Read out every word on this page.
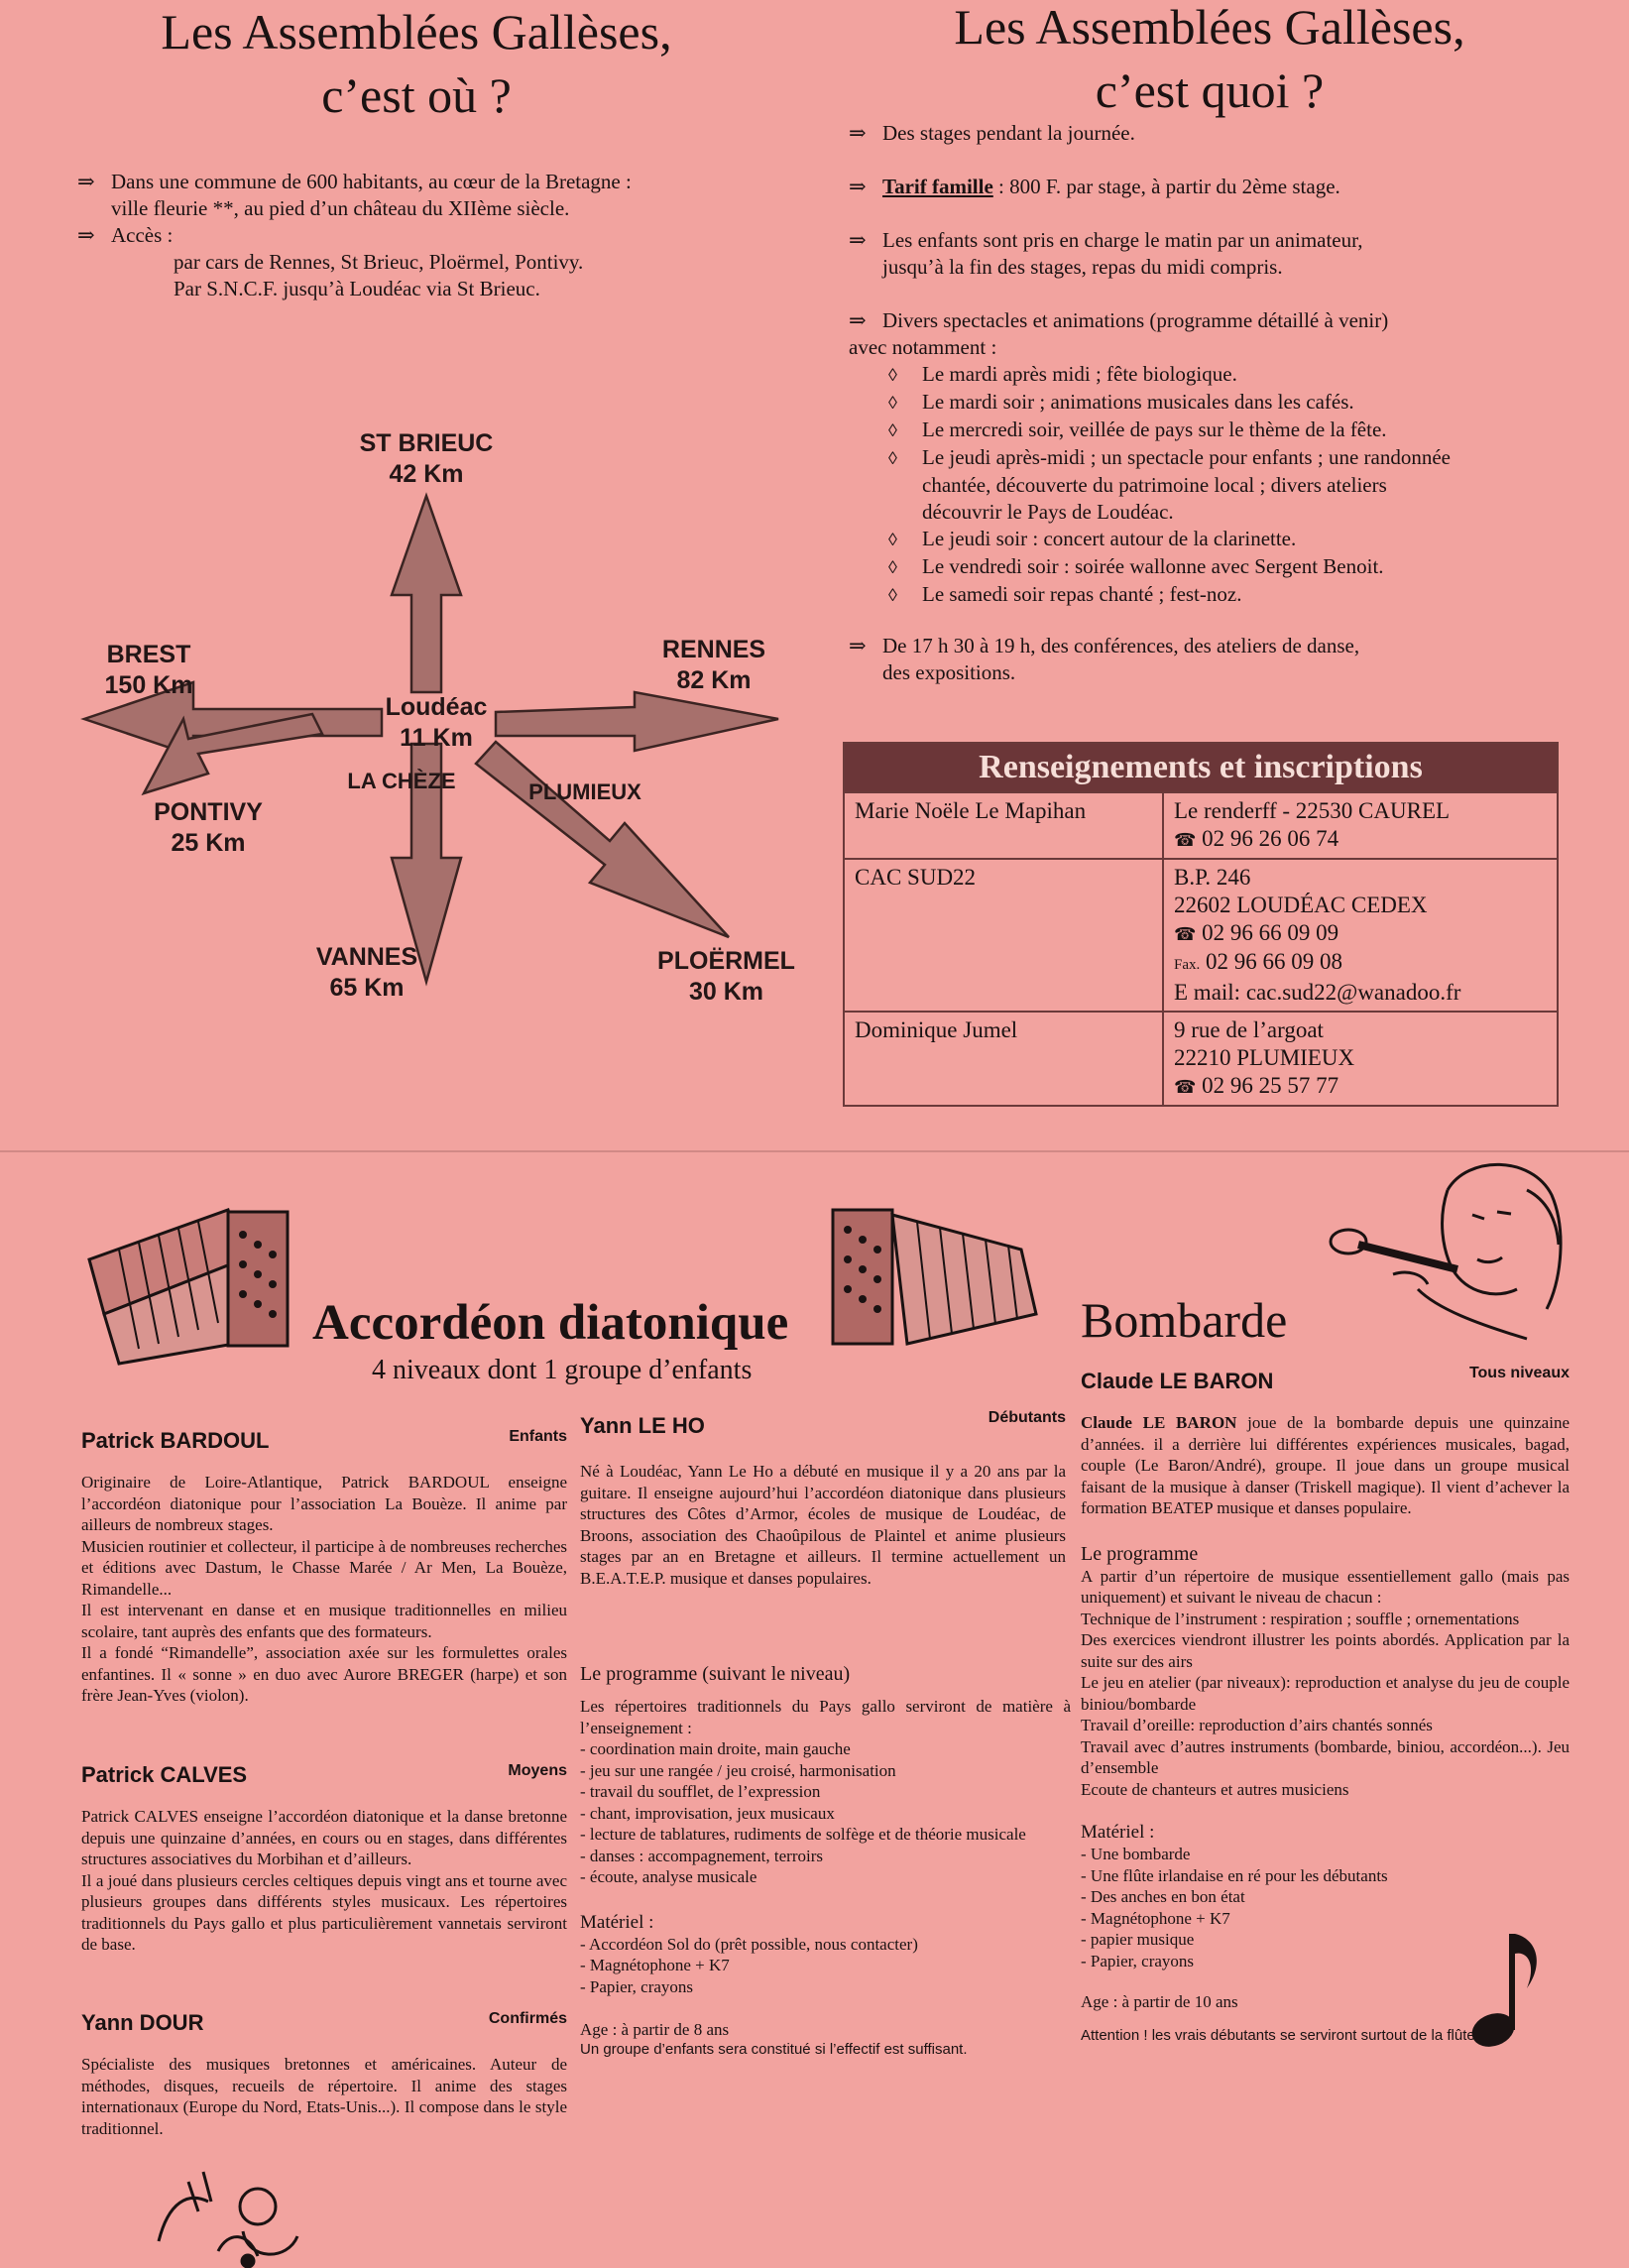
Les Assemblées Gallèses,
c’est où ?
⇒ Dans une commune de 600 habitants, au cœur de la Bretagne :
ville fleurie **, au pied d’un château du XIIème siècle.
⇒ Accès :
par cars de Rennes, St Brieuc, Ploërmel, Pontivy.
Par S.N.C.F. jusqu’à Loudéac via St Brieuc.
ST BRIEUC
42 Km
BREST
150 Km
RENNES
82 Km
Loudéac
11 Km
PONTIVY
25 Km
LA CHÈZE	PLUMIEUX
VANNES
65 Km
PLOËRMEL
30 Km
Les Assemblées Gallèses,
c’est quoi ?
⇒ Des stages pendant la journée.
⇒ Tarif famille : 800 F. par stage, à partir du 2ème stage.
⇒ Les enfants sont pris en charge le matin par un animateur,
jusqu’à la fin des stages, repas du midi compris.
⇒ Divers spectacles et animations (programme détaillé à venir)
avec notamment :
◊ Le mardi après midi ; fête biologique.
◊ Le mardi soir ; animations musicales dans les cafés.
◊ Le mercredi soir, veillée de pays sur le thème de la fête.
◊ Le jeudi après-midi ; un spectacle pour enfants ; une randonnée
chantée, découverte du patrimoine local ; divers ateliers
découvrir le Pays de Loudéac.
◊ Le jeudi soir : concert autour de la clarinette.
◊ Le vendredi soir : soirée wallonne avec Sergent Benoit.
◊ Le samedi soir repas chanté ; fest-noz.
⇒ De 17 h 30 à 19 h, des conférences, des ateliers de danse,
des expositions.
Renseignements et inscriptions	
Marie Noële Le Mapihan	Le renderff - 22530 CAUREL
☎ 02 96 26 06 74

CAC SUD22	B.P. 246
22602 LOUDÉAC CEDEX
☎ 02 96 66 09 09
Fax. 02 96 66 09 08
E mail: cac.sud22@wanadoo.fr

Dominique Jumel	9 rue de l’argoat
22210 PLUMIEUX
☎ 02 96 25 57 77
Accordéon diatonique
4 niveaux dont 1 groupe d’enfants
Patrick BARDOUL	Enfants
Originaire de Loire-Atlantique, Patrick BARDOUL enseigne l’accordéon diatonique pour l’association La Bouèze. Il anime par ailleurs de nombreux stages.
Musicien routinier et collecteur, il participe à de nombreuses recherches et éditions avec Dastum, le Chasse Marée / Ar Men, La Bouèze, Rimandelle...
Il est intervenant en danse et en musique traditionnelles en milieu scolaire, tant auprès des enfants que des formateurs.
Il a fondé “Rimandelle”, association axée sur les formulettes orales enfantines. Il « sonne » en duo avec Aurore BREGER (harpe) et son frère Jean-Yves (violon).
Patrick CALVES	Moyens
Patrick CALVES enseigne l’accordéon diatonique et la danse bretonne depuis une quinzaine d’années, en cours ou en stages, dans différentes structures associatives du Morbihan et d’ailleurs.
Il a joué dans plusieurs cercles celtiques depuis vingt ans et tourne avec plusieurs groupes dans différents styles musicaux. Les répertoires traditionnels du Pays gallo et plus particulièrement vannetais serviront de base.
Yann DOUR	Confirmés
Spécialiste des musiques bretonnes et américaines. Auteur de méthodes, disques, recueils de répertoire. Il anime des stages internationaux (Europe du Nord, Etats-Unis...). Il compose dans le style traditionnel.
Yann LE HO	Débutants
Né à Loudéac, Yann Le Ho a débuté en musique il y a 20 ans par la guitare. Il enseigne aujourd’hui l’accordéon diatonique dans plusieurs structures des Côtes d’Armor, écoles de musique de Loudéac, de Broons, association des Chaoûpilous de Plaintel et anime plusieurs stages par an en Bretagne et ailleurs. Il termine actuellement un B.E.A.T.E.P. musique et danses populaires.
Le programme (suivant le niveau)
Les répertoires traditionnels du Pays gallo serviront de matière à l’enseignement :
- coordination main droite, main gauche
- jeu sur une rangée / jeu croisé, harmonisation
- travail du soufflet, de l’expression
- chant, improvisation, jeux musicaux
- lecture de tablatures, rudiments de solfège et de théorie musicale
- danses : accompagnement, terroirs
- écoute, analyse musicale
Matériel :
- Accordéon Sol do (prêt possible, nous contacter)
- Magnétophone + K7
- Papier, crayons
Age : à partir de 8 ans
Un groupe d’enfants sera constitué si l’effectif est suffisant.
Bombarde
Claude LE BARON	Tous niveaux
Claude LE BARON joue de la bombarde depuis une quinzaine d’années. il a derrière lui différentes expériences musicales, bagad, couple (Le Baron/André), groupe. Il joue dans un groupe musical faisant de la musique à danser (Triskell magique). Il vient d’achever la formation BEATEP musique et danses populaire.
Le programme
A partir d’un répertoire de musique essentiellement gallo (mais pas uniquement) et suivant le niveau de chacun :
Technique de l’instrument : respiration ; souffle ; ornementations
Des exercices viendront illustrer les points abordés. Application par la suite sur des airs
Le jeu en atelier (par niveaux): reproduction et analyse du jeu de couple biniou/bombarde
Travail d’oreille: reproduction d’airs chantés sonnés
Travail avec d’autres instruments (bombarde, biniou, accordéon...). Jeu d’ensemble
Ecoute de chanteurs et autres musiciens
Matériel :
- Une bombarde
- Une flûte irlandaise en ré pour les débutants
- Des anches en bon état
- Magnétophone + K7
- papier musique
- Papier, crayons
Age : à partir de 10 ans
Attention ! les vrais débutants se serviront surtout de la flûte
